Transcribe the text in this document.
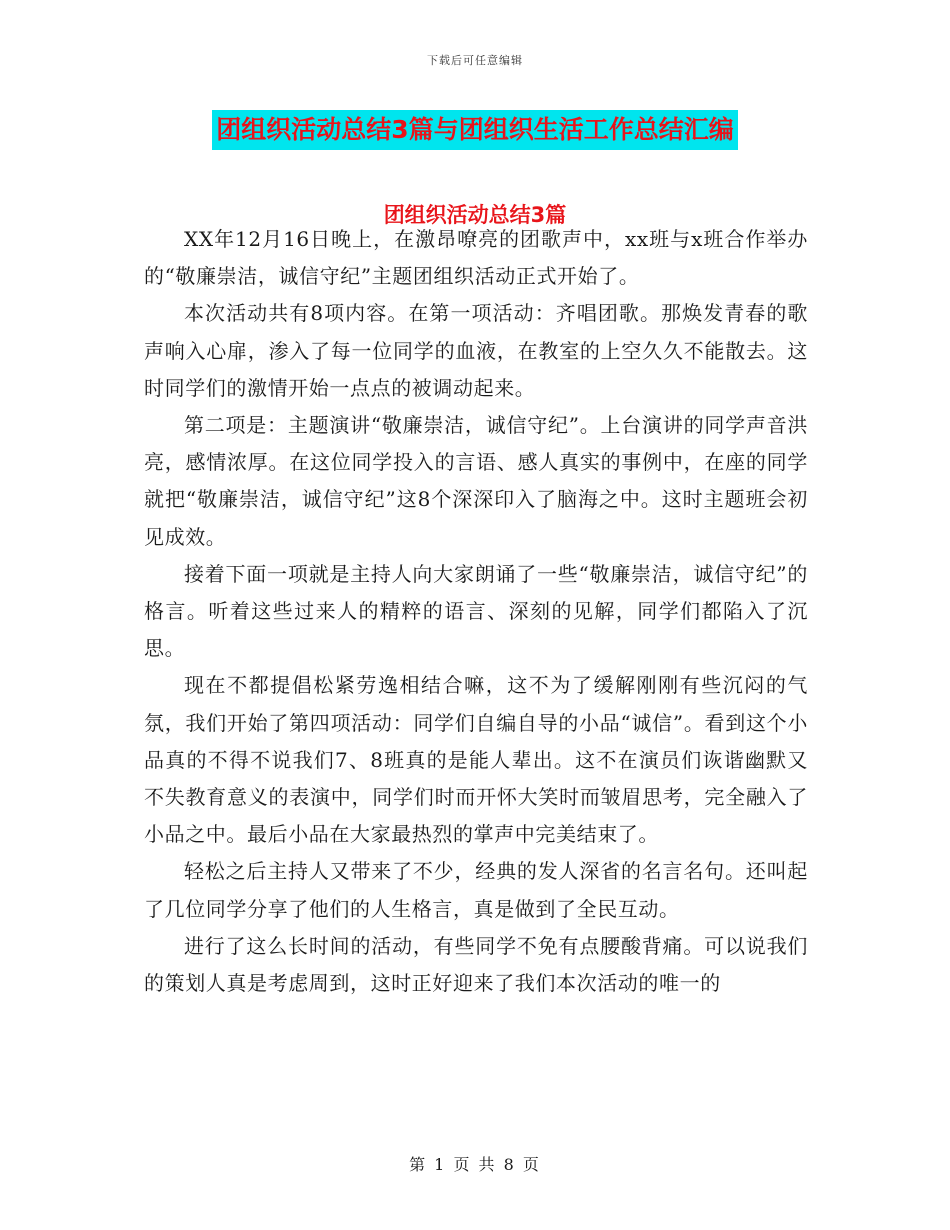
下载后可任意编辑
团组织活动总结3篇与团组织生活工作总结汇编
团组织活动总结3篇

XX年12月16日晚上，在激昂嘹亮的团歌声中，xx班与x班合作举办的“敬廉崇洁，诚信守纪”主题团组织活动正式开始了。

本次活动共有8项内容。在第一项活动：齐唱团歌。那焕发青春的歌声响入心扉，渗入了每一位同学的血液，在教室的上空久久不能散去。这时同学们的激情开始一点点的被调动起来。

第二项是：主题演讲“敬廉崇洁，诚信守纪”。上台演讲的同学声音洪亮，感情浓厚。在这位同学投入的言语、感人真实的事例中，在座的同学就把“敬廉崇洁，诚信守纪”这8个深深印入了脑海之中。这时主题班会初见成效。

接着下面一项就是主持人向大家朗诵了一些“敬廉崇洁，诚信守纪”的格言。听着这些过来人的精粹的语言、深刻的见解，同学们都陷入了沉思。

现在不都提倡松紧劳逸相结合嘛，这不为了缓解刚刚有些沉闷的气氛，我们开始了第四项活动：同学们自编自导的小品“诚信”。看到这个小品真的不得不说我们7、8班真的是能人辈出。这不在演员们诙谐幽默又不失教育意义的表演中，同学们时而开怀大笑时而皱眉思考，完全融入了小品之中。最后小品在大家最热烈的掌声中完美结束了。

轻松之后主持人又带来了不少，经典的发人深省的名言名句。还叫起了几位同学分享了他们的人生格言，真是做到了全民互动。

进行了这么长时间的活动，有些同学不免有点腰酸背痛。可以说我们的策划人真是考虑周到，这时正好迎来了我们本次活动的唯一的

第 1 页 共 8 页
